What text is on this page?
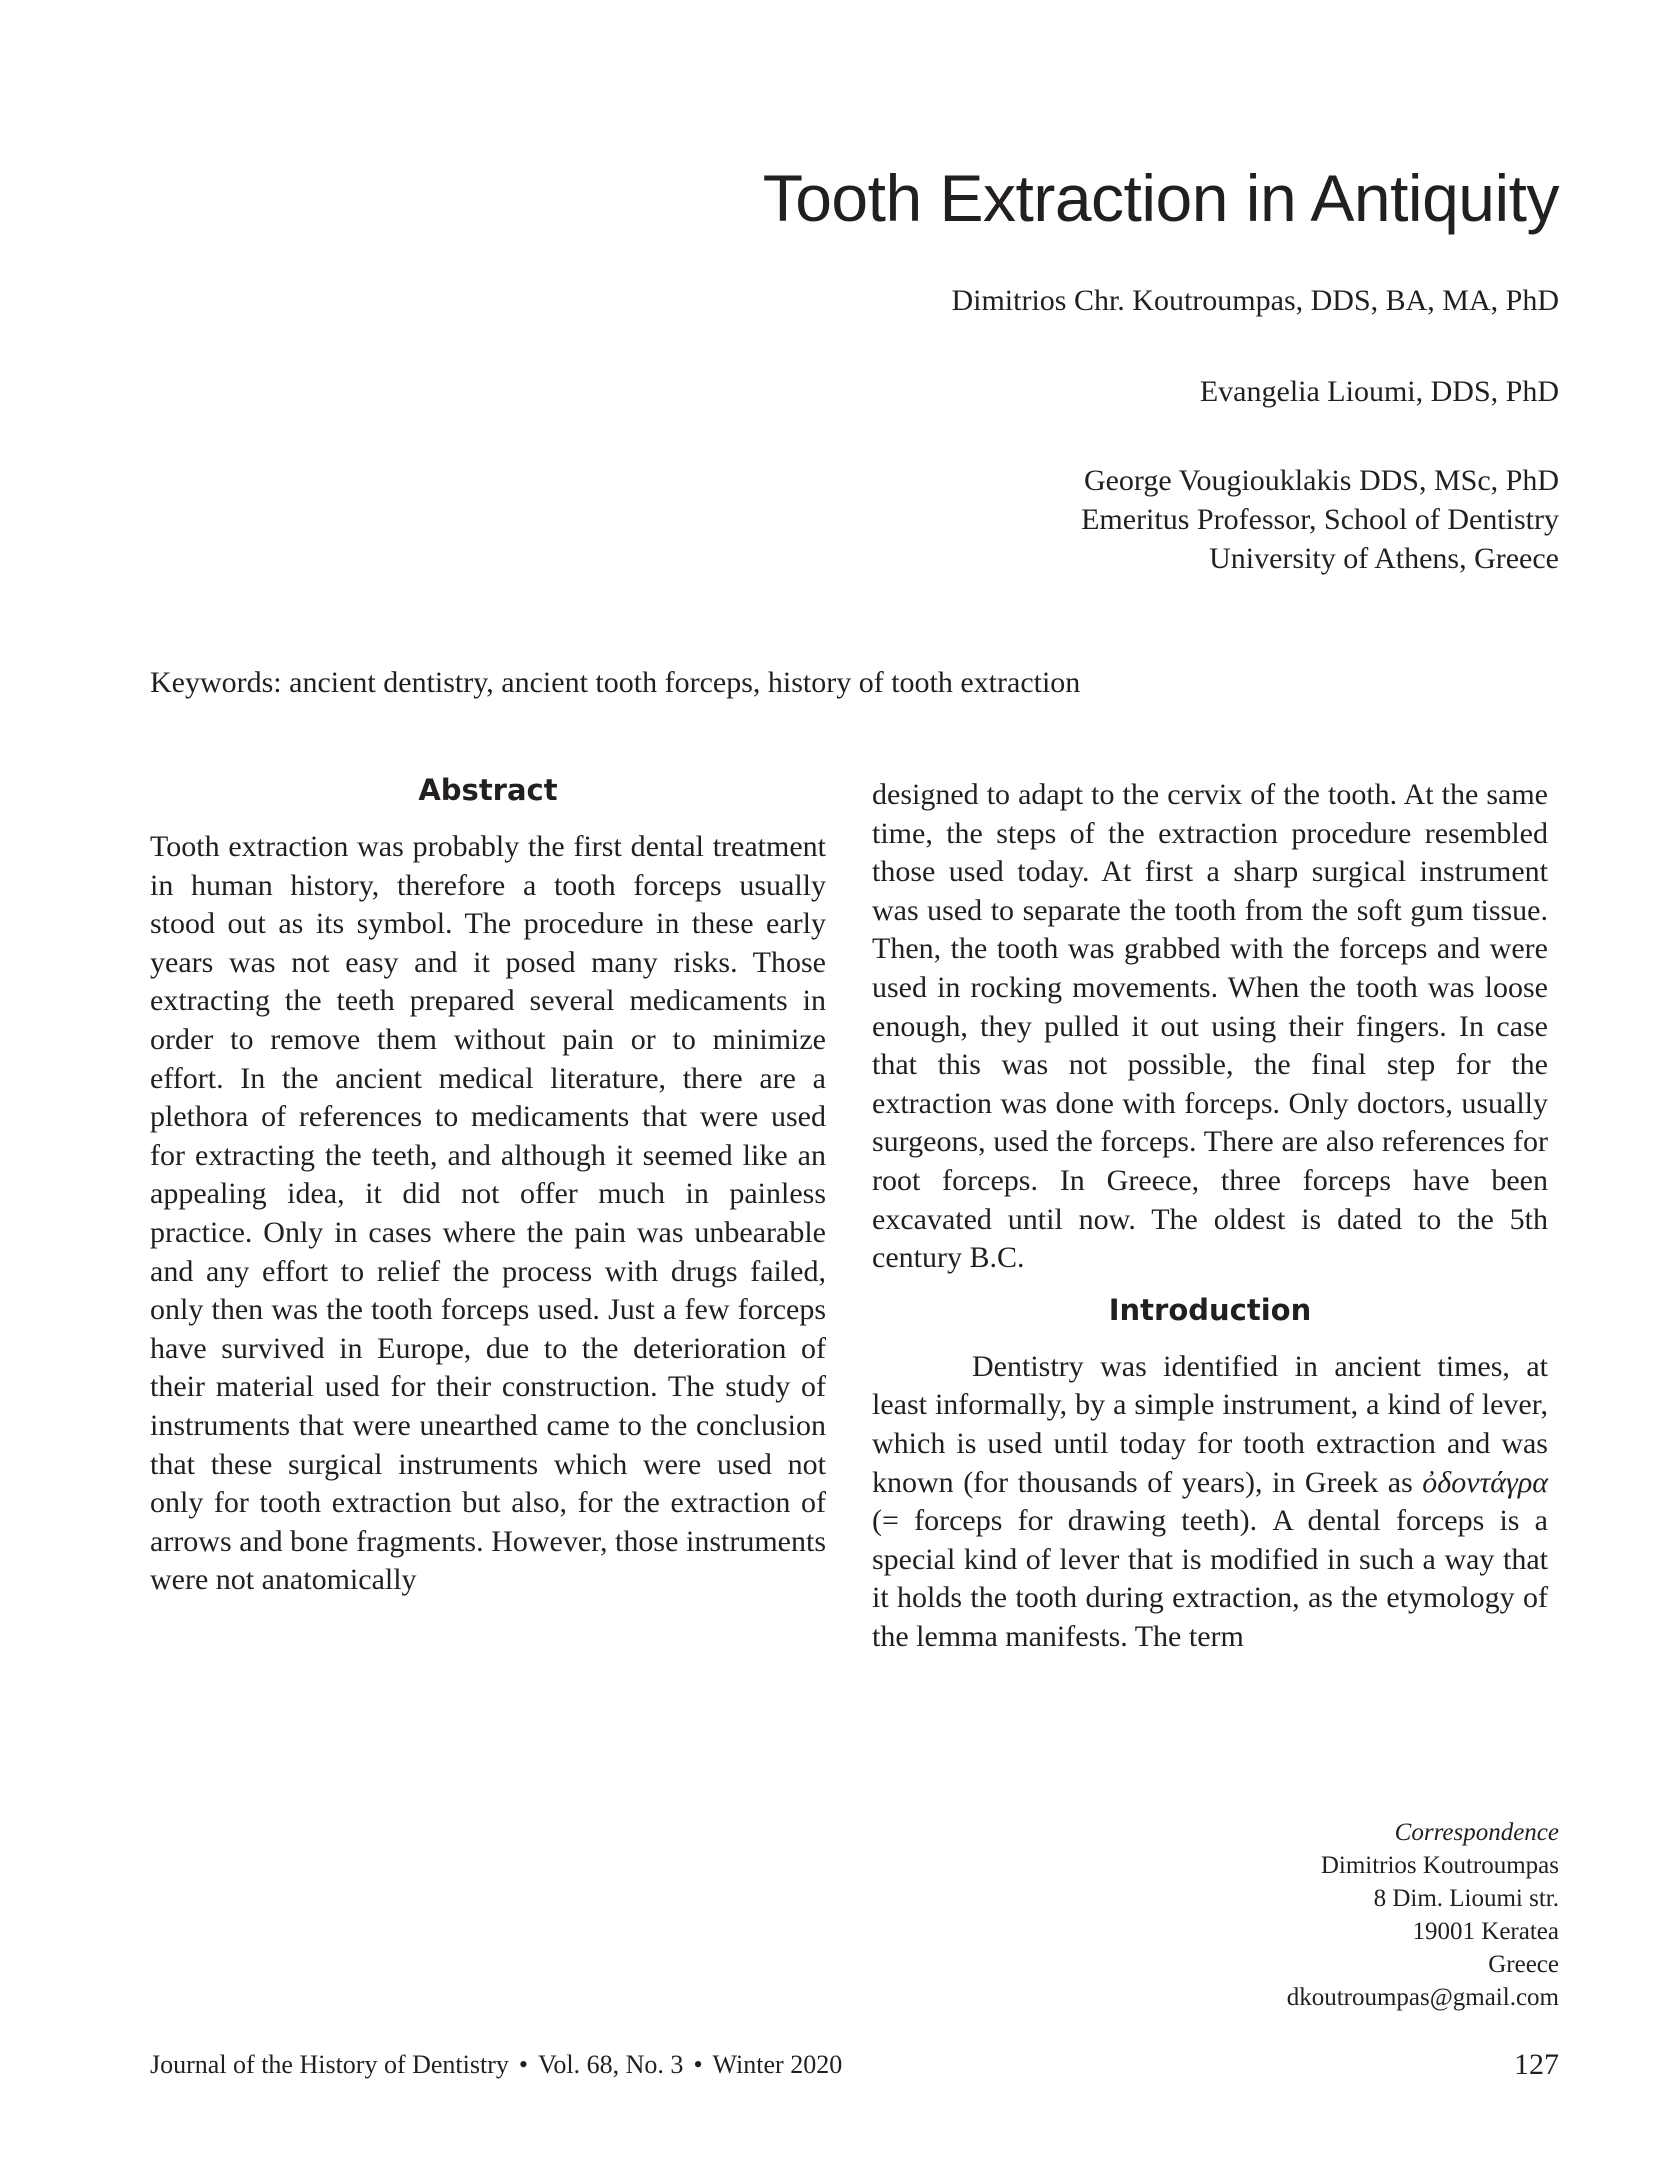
Tooth Extraction in Antiquity
Dimitrios Chr. Koutroumpas, DDS, BA, MA, PhD
Evangelia Lioumi, DDS, PhD
George Vougiouklakis DDS, MSc, PhD
Emeritus Professor, School of Dentistry
University of Athens, Greece
Keywords: ancient dentistry, ancient tooth forceps, history of tooth extraction
Abstract

Tooth extraction was probably the first dental treatment in human history, therefore a tooth forceps usually stood out as its symbol. The procedure in these early years was not easy and it posed many risks. Those extracting the teeth prepared several medicaments in order to remove them without pain or to minimize effort. In the ancient medical literature, there are a plethora of references to medicaments that were used for extracting the teeth, and although it seemed like an appealing idea, it did not offer much in painless practice. Only in cases where the pain was unbearable and any effort to relief the process with drugs failed, only then was the tooth forceps used. Just a few forceps have survived in Europe, due to the deterioration of their material used for their construction. The study of instruments that were unearthed came to the conclusion that these surgical instruments which were used not only for tooth extraction but also, for the extraction of arrows and bone fragments. However, those instruments were not anatomically

designed to adapt to the cervix of the tooth. At the same time, the steps of the extraction procedure resembled those used today. At first a sharp surgical instrument was used to separate the tooth from the soft gum tissue. Then, the tooth was grabbed with the forceps and were used in rocking movements. When the tooth was loose enough, they pulled it out using their fingers. In case that this was not possible, the final step for the extraction was done with forceps. Only doctors, usually surgeons, used the forceps. There are also references for root forceps. In Greece, three forceps have been excavated until now. The oldest is dated to the 5th century B.C.

Introduction

Dentistry was identified in ancient times, at least informally, by a simple instrument, a kind of lever, which is used until today for tooth extraction and was known (for thousands of years), in Greek as ὀδοντάγρα (= forceps for drawing teeth). A dental forceps is a special kind of lever that is modified in such a way that it holds the tooth during extraction, as the etymology of the lemma manifests. The term

Correspondence
Dimitrios Koutroumpas
8 Dim. Lioumi str.
19001 Keratea
Greece
dkoutroumpas@gmail.com
Journal of the History of Dentistry • Vol. 68, No. 3 • Winter 2020	127
